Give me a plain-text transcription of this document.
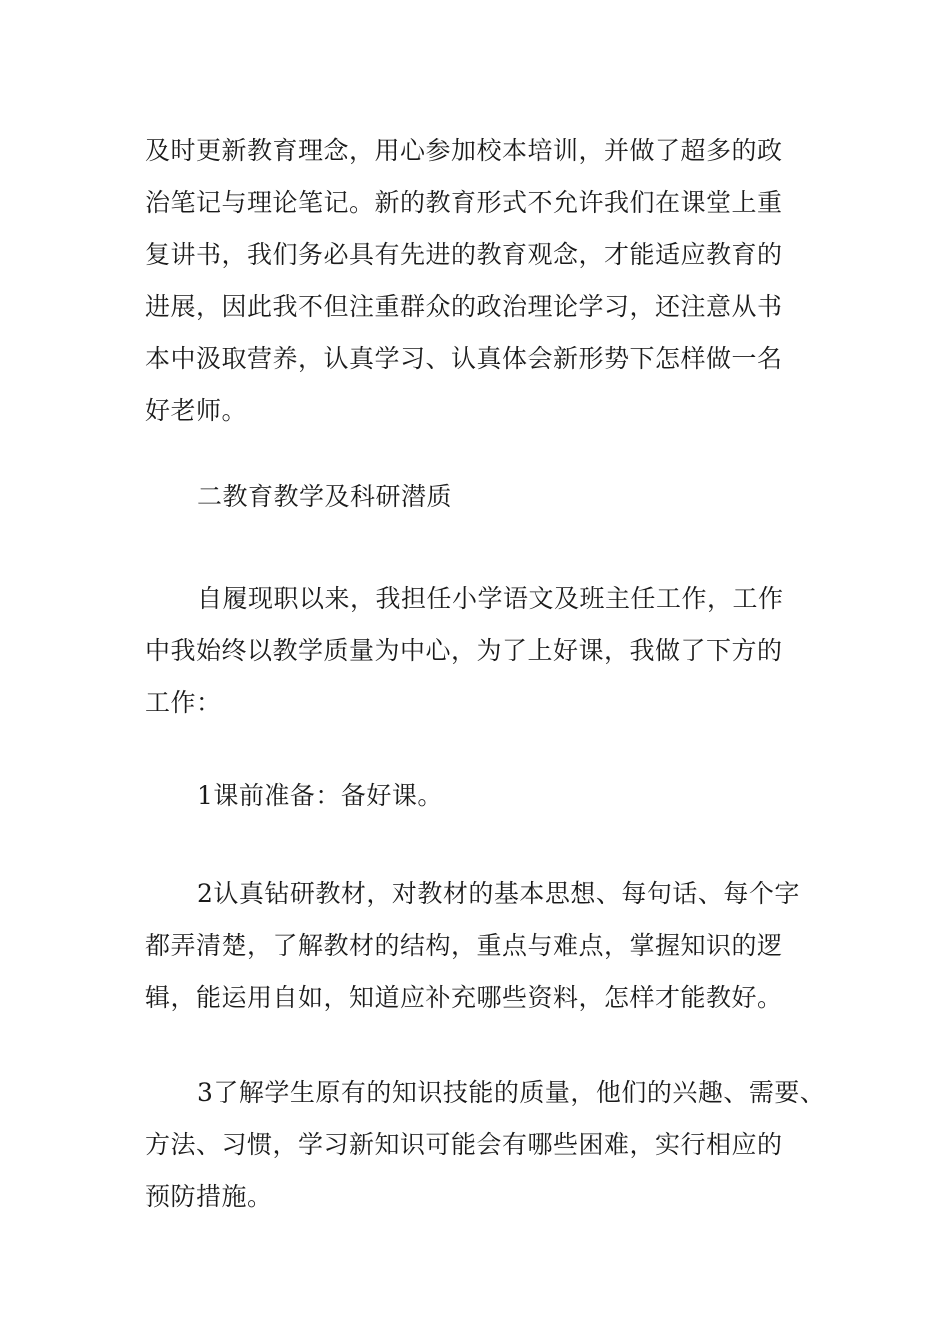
及时更新教育理念，用心参加校本培训，并做了超多的政
治笔记与理论笔记。新的教育形式不允许我们在课堂上重
复讲书，我们务必具有先进的教育观念，才能适应教育的
进展，因此我不但注重群众的政治理论学习，还注意从书
本中汲取营养，认真学习、认真体会新形势下怎样做一名
好老师。
二教育教学及科研潜质
自履现职以来，我担任小学语文及班主任工作，工作
中我始终以教学质量为中心，为了上好课，我做了下方的
工作：
1课前准备：备好课。
2认真钻研教材，对教材的基本思想、每句话、每个字
都弄清楚，了解教材的结构，重点与难点，掌握知识的逻
辑，能运用自如，知道应补充哪些资料，怎样才能教好。
3了解学生原有的知识技能的质量，他们的兴趣、需要、
方法、习惯，学习新知识可能会有哪些困难，实行相应的
预防措施。
